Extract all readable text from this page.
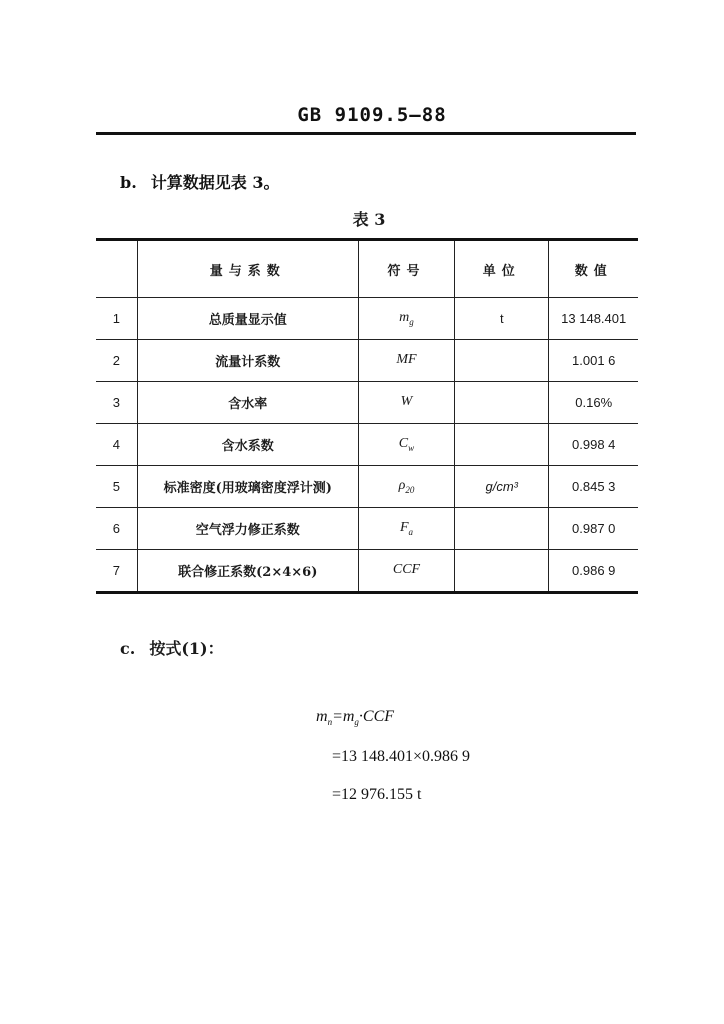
GB 9109.5—88
b. 计算数据见表 3。
表 3
	量与系数	符号	单位	数值
1	总质量显示值	$m_g$	t	13 148.401
2	流量计系数	MF		1.001 6
3	含水率	W		0.16%
4	含水系数	$C_w$		0.998 4
5	标准密度(用玻璃密度浮计测)	$\rho_{20}$	g/cm³	0.845 3
6	空气浮力修正系数	$F_a$		0.987 0
7	联合修正系数(2×4×6)	CCF		0.986 9
c. 按式(1)：
$m_n=m_g\cdot CCF$
=13 148.401×0.986 9
=12 976.155 t
